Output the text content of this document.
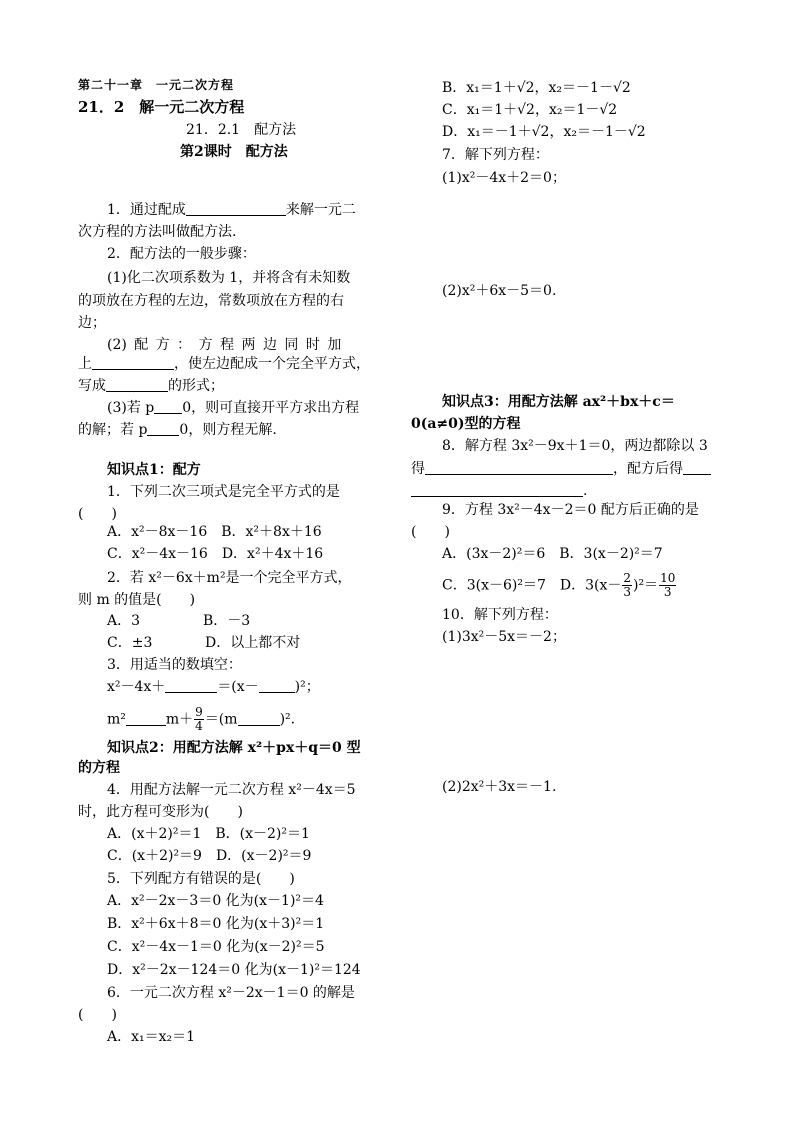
第二十一章　一元二次方程
21．2　解一元二次方程
21．2.1　配方法
第2课时　配方法
1．通过配成	来解一元二
次方程的方法叫做配方法.
2．配方法的一般步骤：
(1)化二次项系数为 1，并将含有未知数
的项放在方程的左边，常数项放在方程的右
边；
(2) 配 方 ： 方 程 两 边 同 时 加
上	，使左边配成一个完全平方式，
写成	的形式；
(3)若 p 0，则可直接开平方求出方程
的解；若 p 0，则方程无解.
知识点1：配方
1．下列二次三项式是完全平方式的是
(　　)
A．x²－8x－16　B．x²＋8x＋16
C．x²－4x－16　D．x²＋4x＋16
2．若 x²－6x＋m²是一个完全平方式，
则 m 的值是(　　)
A．3	B．－3
C．±3	D．以上都不对
3．用适当的数填空：
x²－4x＋	＝(x－	)²；
m²	$m+ \frac{9}{4} =(m$	)².
知识点2：用配方法解 x²＋px＋q＝0 型
的方程
4．用配方法解一元二次方程 x²－4x＝5
时，此方程可变形为(　　)
A．(x＋2)²＝1　B．(x－2)²＝1
C．(x＋2)²＝9　D．(x－2)²＝9
5．下列配方有错误的是(　　)
A．x²－2x－3＝0 化为(x－1)²＝4
B．x²＋6x＋8＝0 化为(x＋3)²＝1
C．x²－4x－1＝0 化为(x－2)²＝5
D．x²－2x－124＝0 化为(x－1)²＝124
6．一元二次方程 x²－2x－1＝0 的解是
(　　)
A．x₁＝x₂＝1
B．x₁＝1＋√2，x₂＝－1－√2
C．x₁＝1＋√2，x₂＝1－√2
D．x₁＝－1＋√2，x₂＝－1－√2
7．解下列方程：
(1)x²－4x＋2＝0；
(2)x²＋6x－5＝0.
知识点3：用配方法解 ax²＋bx＋c＝
0(a≠0)型的方程
8．解方程 3x²－9x＋1＝0，两边都除以 3
得	，配方后得
.
9．方程 3x²－4x－2＝0 配方后正确的是
(　　)
A．(3x－2)²＝6　B．3(x－2)²＝7
C．3(x－6)²＝7　D．$3(x- \frac{2}{3} )^2= \frac{10}{3}$
10．解下列方程：
(1)3x²－5x＝－2；
(2)2x²＋3x＝－1.
